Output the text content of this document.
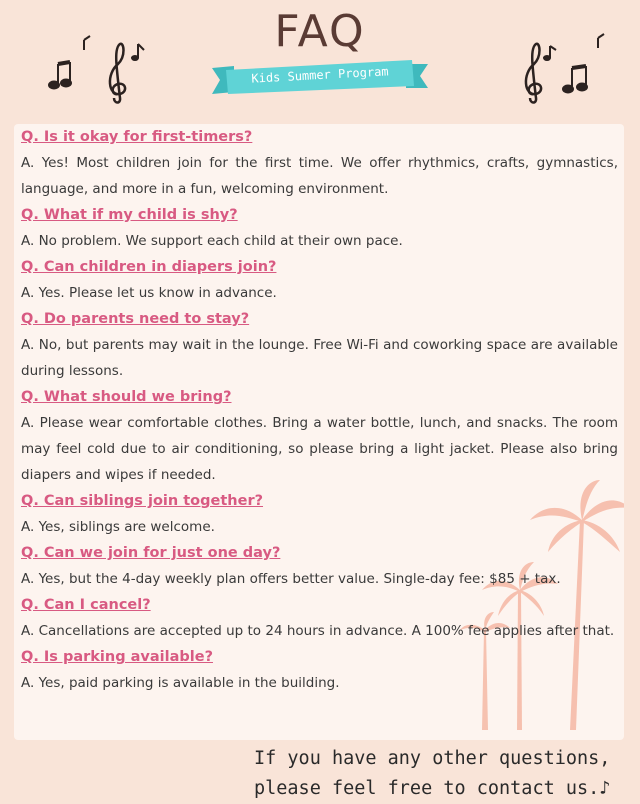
FAQ
Kids Summer Program
Q. Is it okay for first-timers?
A. Yes! Most children join for the first time. We offer rhythmics, crafts, gymnastics, language, and more in a fun, welcoming environment.
Q. What if my child is shy?
A. No problem. We support each child at their own pace.
Q. Can children in diapers join?
A. Yes. Please let us know in advance.
Q. Do parents need to stay?
A. No, but parents may wait in the lounge. Free Wi-Fi and coworking space are available during lessons.
Q. What should we bring?
A. Please wear comfortable clothes. Bring a water bottle, lunch, and snacks. The room may feel cold due to air conditioning, so please bring a light jacket. Please also bring diapers and wipes if needed.
Q. Can siblings join together?
A. Yes, siblings are welcome.
Q. Can we join for just one day?
A. Yes, but the 4-day weekly plan offers better value. Single-day fee: $85 + tax.
Q. Can I cancel?
A. Cancellations are accepted up to 24 hours in advance. A 100% fee applies after that.
Q. Is parking available?
A. Yes, paid parking is available in the building.
If you have any other questions,
please feel free to contact us.♪
